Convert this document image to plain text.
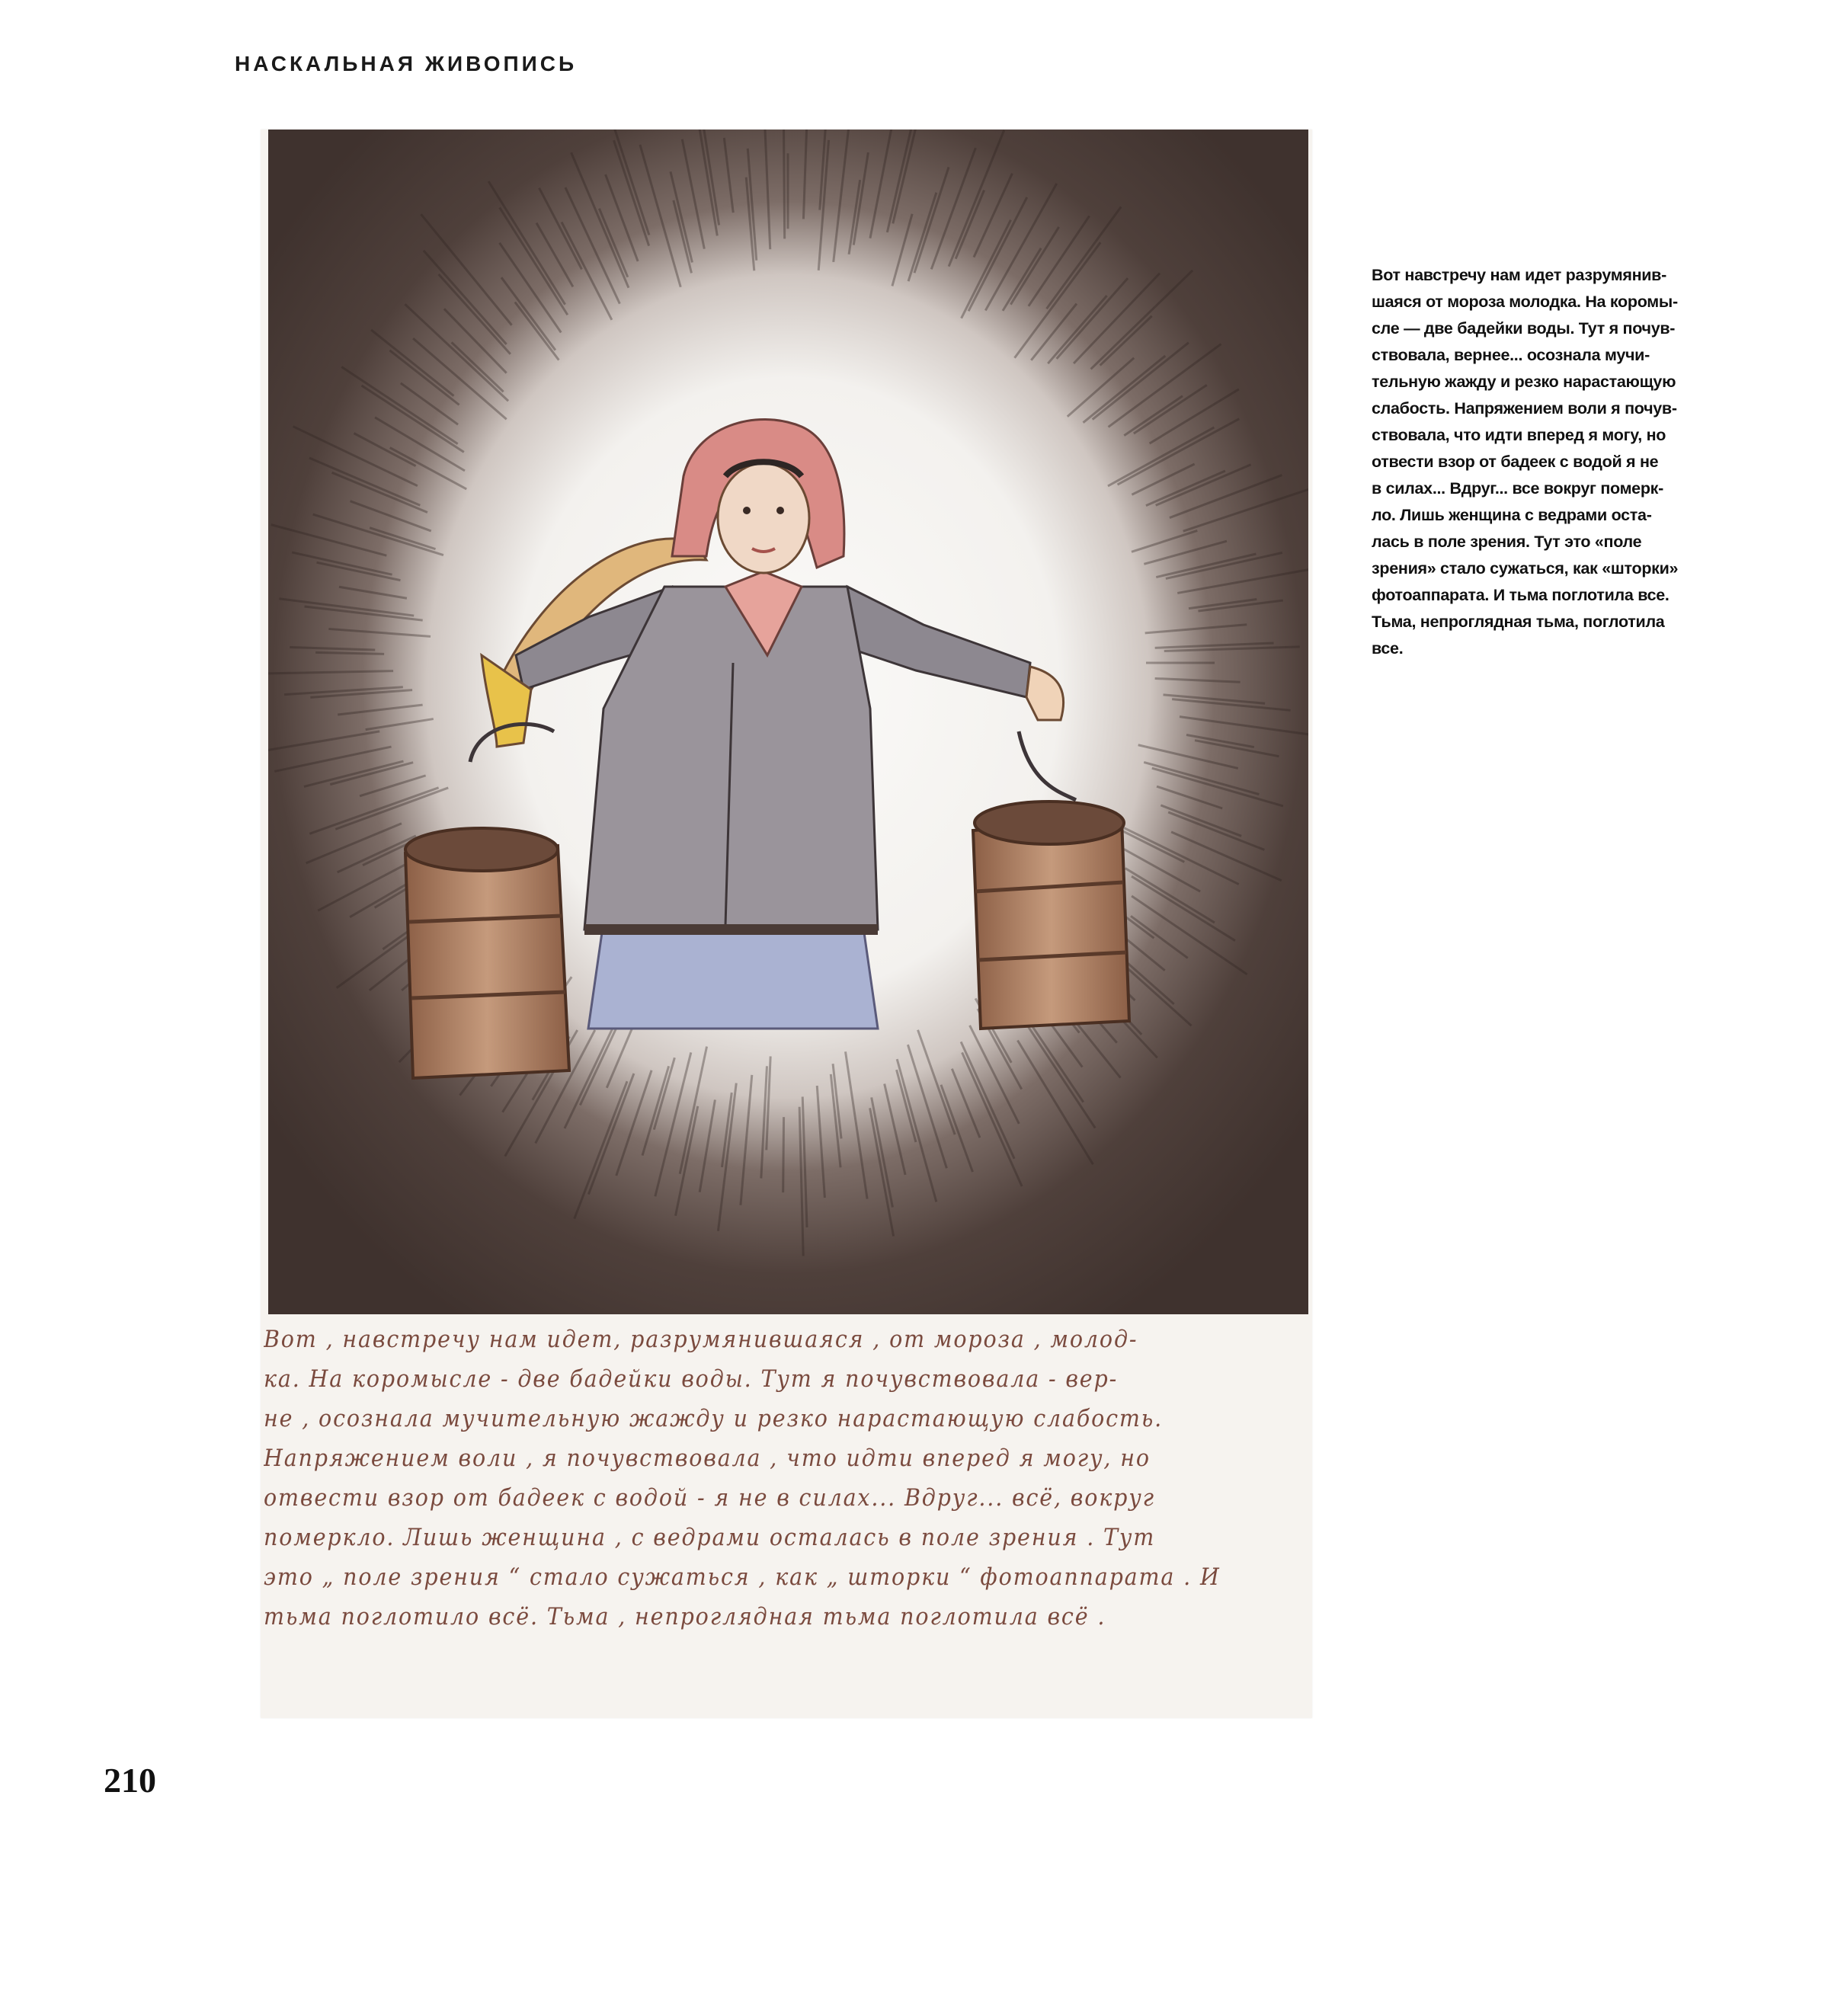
НАСКАЛЬНАЯ ЖИВОПИСЬ
Вот , навстречу нам идет, разрумянившаяся , от мороза , молод-
ка. На коромысле - две бадейки воды. Тут я почувствовала - вер-
не , осознала мучительную жажду и резко нарастающую слабость.
Напряжением воли , я почувствовала , что идти вперед я могу, но
отвести взор от бадеек с водой - я не в силах... Вдруг... всё, вокруг
померкло. Лишь женщина , с ведрами осталась в поле зрения . Тут
это „ поле зрения “ стало сужаться , как „ шторки “ фотоаппарата . И
тьма поглотило всё. Тьма , непроглядная тьма поглотила всё .
Вот навстречу нам идет разрумянив-
шаяся от мороза молодка. На коромы-
сле — две бадейки воды. Тут я почув-
ствовала, вернее... осознала мучи-
тельную жажду и резко нарастающую
слабость. Напряжением воли я почув-
ствовала, что идти вперед я могу, но
отвести взор от бадеек с водой я не
в силах... Вдруг... все вокруг померк-
ло. Лишь женщина с ведрами оста-
лась в поле зрения. Тут это «поле
зрения» стало сужаться, как «шторки»
фотоаппарата. И тьма поглотила все.
Тьма, непроглядная тьма, поглотила
все.
210
